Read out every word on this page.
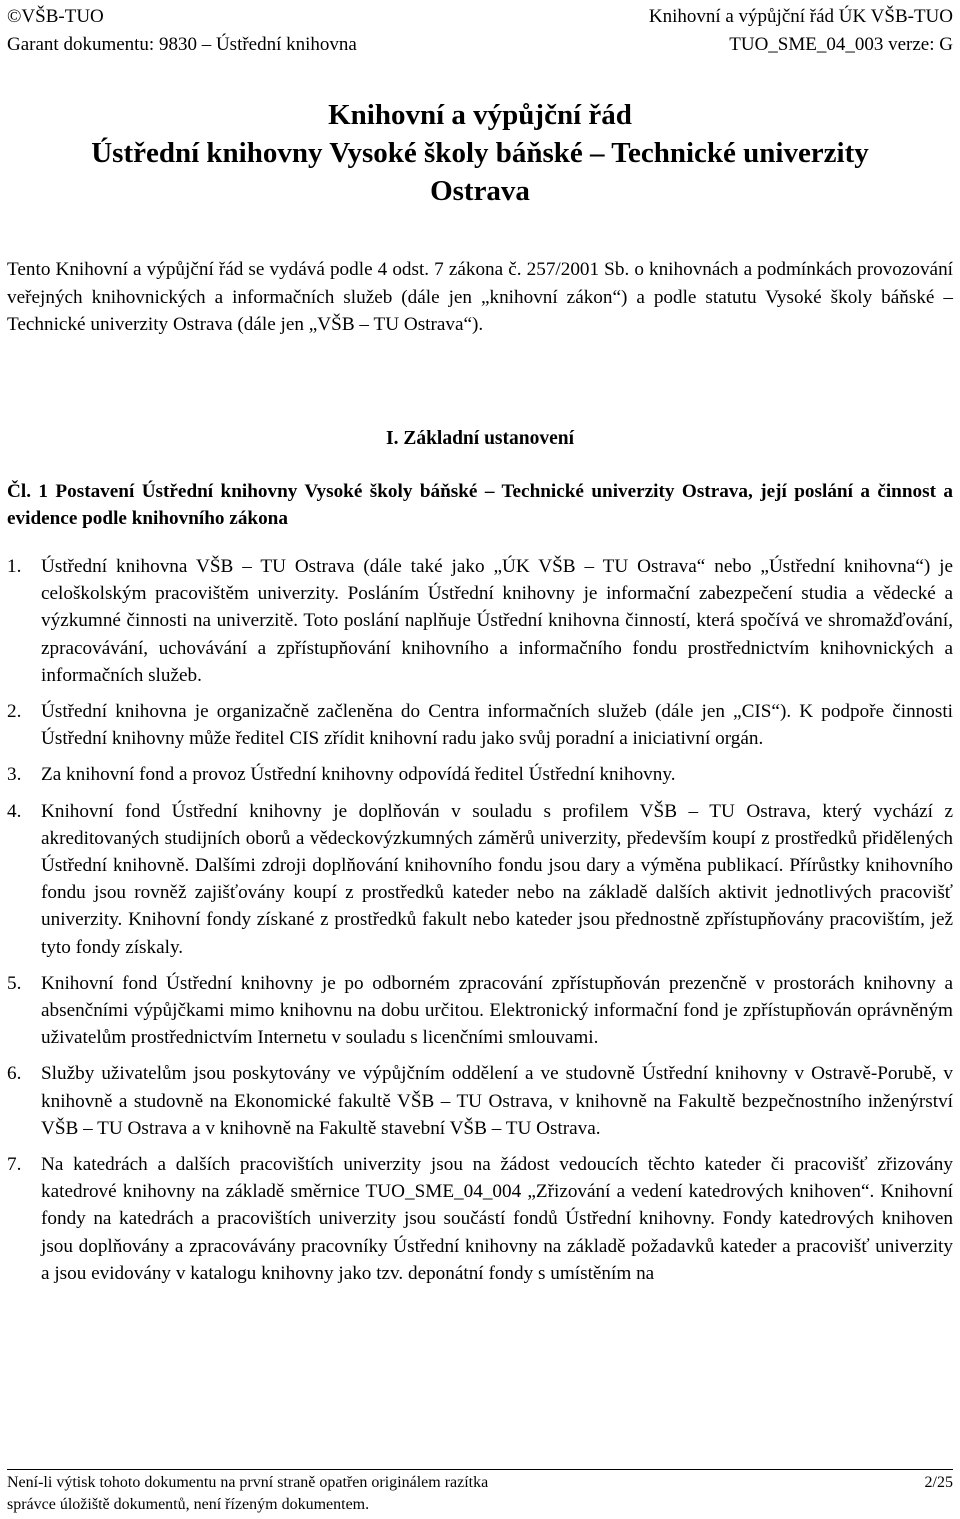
©VŠB-TUO	Knihovní a výpůjční řád ÚK VŠB-TUO
Garant dokumentu: 9830 – Ústřední knihovna	TUO_SME_04_003 verze: G
Knihovní a výpůjční řád
Ústřední knihovny Vysoké školy báňské – Technické univerzity
Ostrava
Tento Knihovní a výpůjční řád se vydává podle 4 odst. 7 zákona č. 257/2001 Sb. o knihovnách a podmínkách provozování veřejných knihovnických a informačních služeb (dále jen „knihovní zákon“) a podle statutu Vysoké školy báňské – Technické univerzity Ostrava (dále jen „VŠB – TU Ostrava“).
I. Základní ustanovení
Čl. 1 Postavení Ústřední knihovny Vysoké školy báňské – Technické univerzity Ostrava, její poslání a činnost a evidence podle knihovního zákona
1.	Ústřední knihovna VŠB – TU Ostrava (dále také jako „ÚK VŠB – TU Ostrava“ nebo „Ústřední knihovna“) je celoškolským pracovištěm univerzity. Posláním Ústřední knihovny je informační zabezpečení studia a vědecké a výzkumné činnosti na univerzitě. Toto poslání naplňuje Ústřední knihovna činností, která spočívá ve shromažďování, zpracovávání, uchovávání a zpřístupňování knihovního a informačního fondu prostřednictvím knihovnických a informačních služeb.
2.	Ústřední knihovna je organizačně začleněna do Centra informačních služeb (dále jen „CIS“). K podpoře činnosti Ústřední knihovny může ředitel CIS zřídit knihovní radu jako svůj poradní a iniciativní orgán.
3.	Za knihovní fond a provoz Ústřední knihovny odpovídá ředitel Ústřední knihovny.
4.	Knihovní fond Ústřední knihovny je doplňován v souladu s profilem VŠB – TU Ostrava, který vychází z akreditovaných studijních oborů a vědeckovýzkumných záměrů univerzity, především koupí z prostředků přidělených Ústřední knihovně. Dalšími zdroji doplňování knihovního fondu jsou dary a výměna publikací. Přírůstky knihovního fondu jsou rovněž zajišťovány koupí z prostředků kateder nebo na základě dalších aktivit jednotlivých pracovišť univerzity. Knihovní fondy získané z prostředků fakult nebo kateder jsou přednostně zpřístupňovány pracovištím, jež tyto fondy získaly.
5.	Knihovní fond Ústřední knihovny je po odborném zpracování zpřístupňován prezenčně v prostorách knihovny a absenčními výpůjčkami mimo knihovnu na dobu určitou. Elektronický informační fond je zpřístupňován oprávněným uživatelům prostřednictvím Internetu v souladu s licenčními smlouvami.
6.	Služby uživatelům jsou poskytovány ve výpůjčním oddělení a ve studovně Ústřední knihovny v Ostravě-Porubě, v knihovně a studovně na Ekonomické fakultě VŠB – TU Ostrava, v knihovně na Fakultě bezpečnostního inženýrství VŠB – TU Ostrava a v knihovně na Fakultě stavební VŠB – TU Ostrava.
7.	Na katedrách a dalších pracovištích univerzity jsou na žádost vedoucích těchto kateder či pracovišť zřizovány katedrové knihovny na základě směrnice TUO_SME_04_004 „Zřizování a vedení katedrových knihoven“. Knihovní fondy na katedrách a pracovištích univerzity jsou součástí fondů Ústřední knihovny. Fondy katedrových knihoven jsou doplňovány a zpracovávány pracovníky Ústřední knihovny na základě požadavků kateder a pracovišť univerzity a jsou evidovány v katalogu knihovny jako tzv. deponátní fondy s umístěním na
Není-li výtisk tohoto dokumentu na první straně opatřen originálem razítka	2/25
správce úložiště dokumentů, není řízeným dokumentem.
